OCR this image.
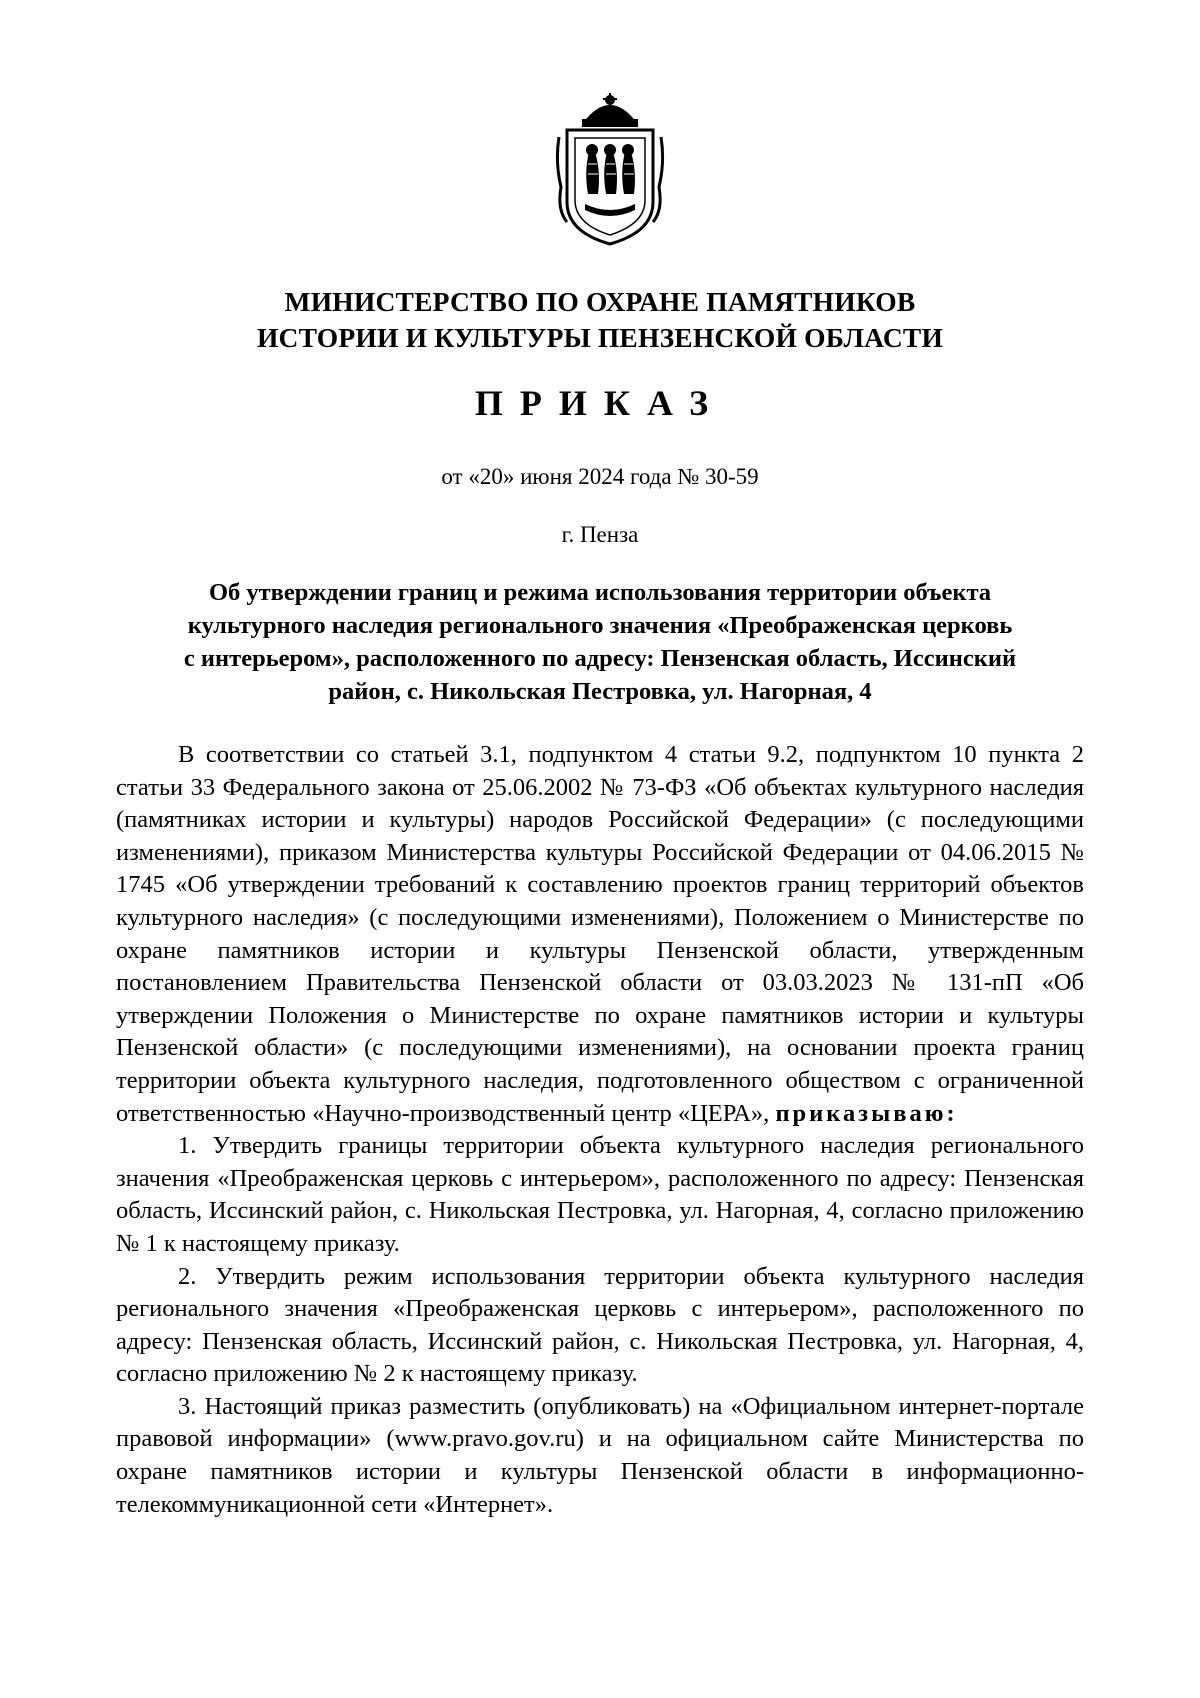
МИНИСТЕРСТВО ПО ОХРАНЕ ПАМЯТНИКОВ
ИСТОРИИ И КУЛЬТУРЫ ПЕНЗЕНСКОЙ ОБЛАСТИ
ПРИКАЗ
от «20» июня 2024 года № 30-59
г. Пенза
Об утверждении границ и режима использования территории объекта
культурного наследия регионального значения «Преображенская церковь
с интерьером», расположенного по адресу: Пензенская область, Иссинский
район, с. Никольская Пестровка, ул. Нагорная, 4

В соответствии со статьей 3.1, подпунктом 4 статьи 9.2, подпунктом 10 пункта 2 статьи 33 Федерального закона от 25.06.2002 № 73-ФЗ «Об объектах культурного наследия (памятниках истории и культуры) народов Российской Федерации» (с последующими изменениями), приказом Министерства культуры Российской Федерации от 04.06.2015 № 1745 «Об утверждении требований к составлению проектов границ территорий объектов культурного наследия» (с последующими изменениями), Положением о Министерстве по охране памятников истории и культуры Пензенской области, утвержденным постановлением Правительства Пензенской области от 03.03.2023 № 131-пП «Об утверждении Положения о Министерстве по охране памятников истории и культуры Пензенской области» (с последующими изменениями), на основании проекта границ территории объекта культурного наследия, подготовленного обществом с ограниченной ответственностью «Научно-производственный центр «ЦЕРА», приказываю:

1. Утвердить границы территории объекта культурного наследия регионального значения «Преображенская церковь с интерьером», расположенного по адресу: Пензенская область, Иссинский район, с. Никольская Пестровка, ул. Нагорная, 4, согласно приложению № 1 к настоящему приказу.

2. Утвердить режим использования территории объекта культурного наследия регионального значения «Преображенская церковь с интерьером», расположенного по адресу: Пензенская область, Иссинский район, с. Никольская Пестровка, ул. Нагорная, 4, согласно приложению № 2 к настоящему приказу.

3. Настоящий приказ разместить (опубликовать) на «Официальном интернет-портале правовой информации» (www.pravo.gov.ru) и на официальном сайте Министерства по охране памятников истории и культуры Пензенской области в информационно-телекоммуникационной сети «Интернет».
